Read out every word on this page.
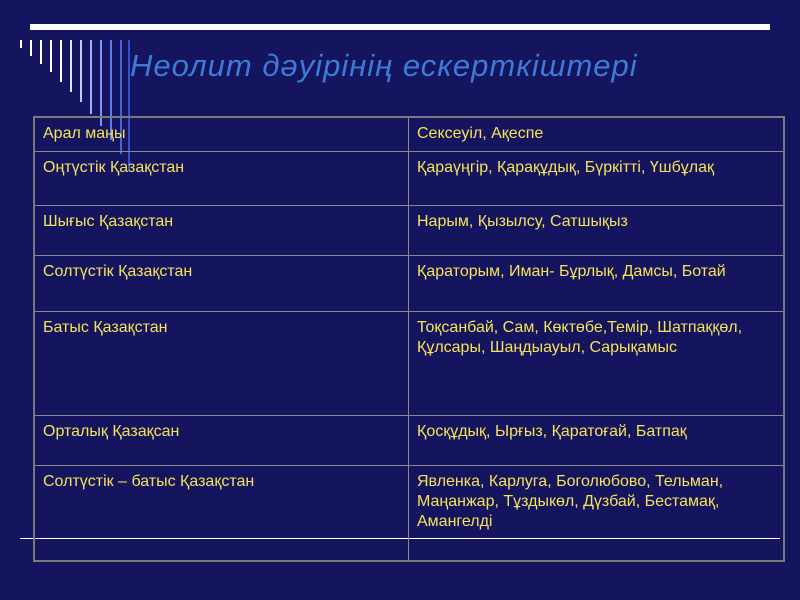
Неолит дәуірінің ескерткіштері
Арал маңы	Сексеуіл, Ақеспе
Оңтүстік Қазақстан	Қараүңгір, Қарақұдық, Бүркітті, Үшбұлақ
Шығыс Қазақстан	Нарым, Қызылсу, Сатшықыз
Солтүстік Қазақстан	Қараторым, Иман- Бұрлық, Дамсы, Ботай
Батыс Қазақстан	Тоқсанбай, Сам, Көктөбе,Темір, Шатпаққөл, Құлсары, Шаңдыауыл, Сарықамыс
Орталық Қазақсан	Қосқұдық, Ырғыз, Қаратоғай, Батпақ
Солтүстік – батыс Қазақстан	Явленка, Карлуга, Боголюбово, Тельман, Маңанжар, Тұздыкөл, Дүзбай, Бестамақ, Амангелді
